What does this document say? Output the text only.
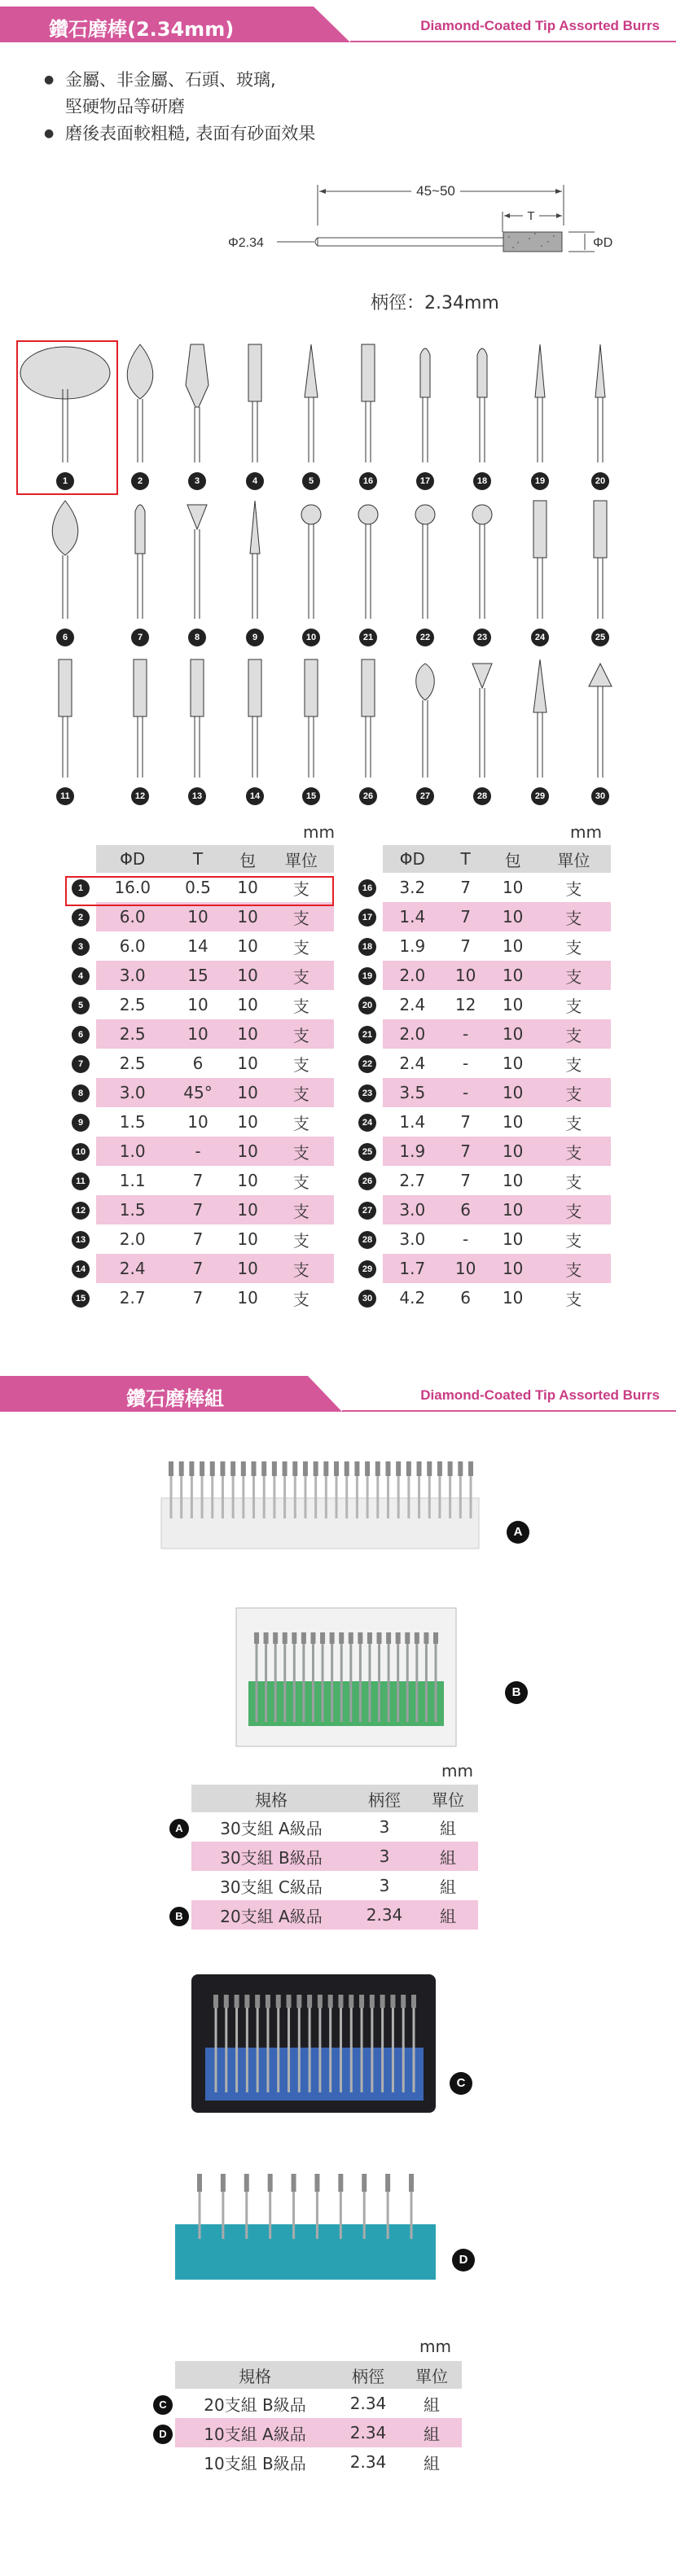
鑽石磨棒(2.34mm)	Diamond-Coated Tip Assorted Burrs
● 金屬、非金屬、石頭、玻璃,
堅硬物品等研磨
● 磨後表面較粗糙, 表面有砂面效果
45~50
T
Φ2.34	ΦD
柄徑：2.34mm
1	2	3	4	5	16	17	18	19	20
6	7	8	9	10	21	22	23	24	25
11	12	13	14	15	26	27	28	29	30
mm	mm
	ΦD	T	包	單位
1	16.0	0.5	10	支
2	6.0	10	10	支
3	6.0	14	10	支
4	3.0	15	10	支
5	2.5	10	10	支
6	2.5	10	10	支
7	2.5	6	10	支
8	3.0	45°	10	支
9	1.5	10	10	支
10	1.0	-	10	支
11	1.1	7	10	支
12	1.5	7	10	支
13	2.0	7	10	支
14	2.4	7	10	支
15	2.7	7	10	支
	ΦD	T	包	單位
16	3.2	7	10	支
17	1.4	7	10	支
18	1.9	7	10	支
19	2.0	10	10	支
20	2.4	12	10	支
21	2.0	-	10	支
22	2.4	-	10	支
23	3.5	-	10	支
24	1.4	7	10	支
25	1.9	7	10	支
26	2.7	7	10	支
27	3.0	6	10	支
28	3.0	-	10	支
29	1.7	10	10	支
30	4.2	6	10	支
鑽石磨棒組	Diamond-Coated Tip Assorted Burrs
A
B
mm
	規格	柄徑	單位
A	30支組 A級品	3	組
	30支組 B級品	3	組
	30支組 C級品	3	組
B	20支組 A級品	2.34	組
C
D
mm
	規格	柄徑	單位
C	20支組 B級品	2.34	組
D	10支組 A級品	2.34	組
	10支組 B級品	2.34	組
